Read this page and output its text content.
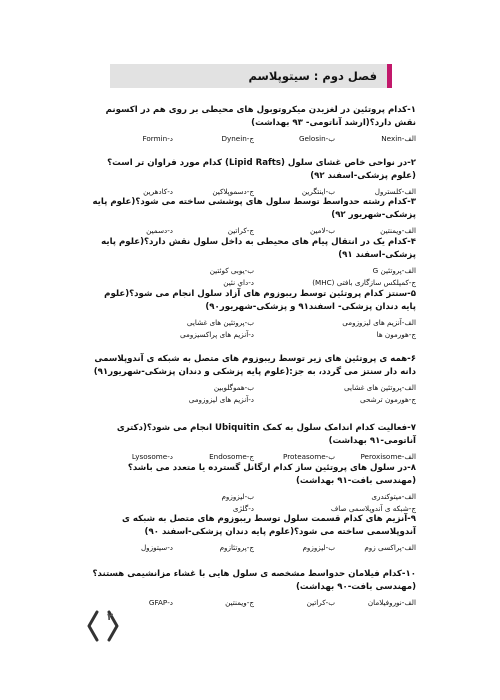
فصل دوم : سیتوپلاسم

۱-کدام پروتئین در لغزیدن میکروتوبول های محیطی بر روی هم در اکسونم نقش دارد؟(ارشد آناتومی- ۹۳ بهداشت)

الف-Nexin
ب-Gelosin
ج-Dynein
د-Formin

۲-در نواحی خاص غشای سلول (Lipid Rafts) کدام مورد فراوان تر است؟(علوم پزشکی-اسفند ۹۲)

الف-کلسترول
ب-اینتگرین
ج-دسموپلاکین
د-کادهرین

۳-کدام رشته حدواسط توسط سلول های پوششی ساخته می شود؟(علوم پایه پزشکی-شهریور ۹۲)

الف-ویمنتین
ب-لامین
ج-کراتین
د-دسمین

۴-کدام یک در انتقال پیام های محیطی به داخل سلول نقش دارد؟(علوم پایه پزشکی-اسفند ۹۱)

الف-پروتئین G
ب-یوبی کوئتین
ج-کمپلکس سازگاری بافتی (MHC)
د-داي نئین

۵-سنتز کدام پروتئین توسط ریبوزوم های آزاد سلول انجام می شود؟(علوم پایه دندان پزشکی- اسفند۹۱ و پزشکی-شهریور۹۰)

الف-آنزیم های لیزوزومی
ب-پروتئین های غشایی
ج-هورمون ها
د-آنزیم های پراکسیزومی

۶-همه ی پروتئین های زیر توسط ریبوزوم های متصل به شبکه ی آندوپلاسمی دانه دار سنتز می گردد، به جز:(علوم پایه پزشکی و دندان پزشکی-شهریور۹۱)

الف-پروتئین های غشایی
ب-هموگلوبین
ج-هورمون ترشحی
د-آنزیم های لیزوزومی

۷-فعالیت کدام اندامک سلول به کمک Ubiquitin انجام می شود؟(دکتری آناتومی-۹۱ بهداشت)

الف-Peroxisome
ب-Proteasome
ج-Endosome
د-Lysosome

۸-در سلول های پروتئین ساز کدام ارگانل گسترده یا متعدد می باشد؟(مهندسی بافت-۹۱ بهداشت)

الف-میتوکندری
ب-لیزوزوم
ج-شبکه ی آندوپلاسمی صاف
د-گلژی

۹-آنزیم های کدام قسمت سلول توسط ریبوزوم های متصل به شبکه ی آندوپلاسمی ساخته می شود؟(علوم پایه دندان پزشکی-اسفند ۹۰)

الف-پراکسی زوم
ب-لیزوزوم
ج-پروتئازوم
د-سیتوزول

۱۰-کدام فیلامان حدواسط مشخصه ی سلول هایی با غشاء مزانشیمی هستند؟(مهندسی بافت-۹۰ بهداشت)

الف-نوروفیلامان
ب-کراتین
ج-ویمنتین
د-GFAP
۲
